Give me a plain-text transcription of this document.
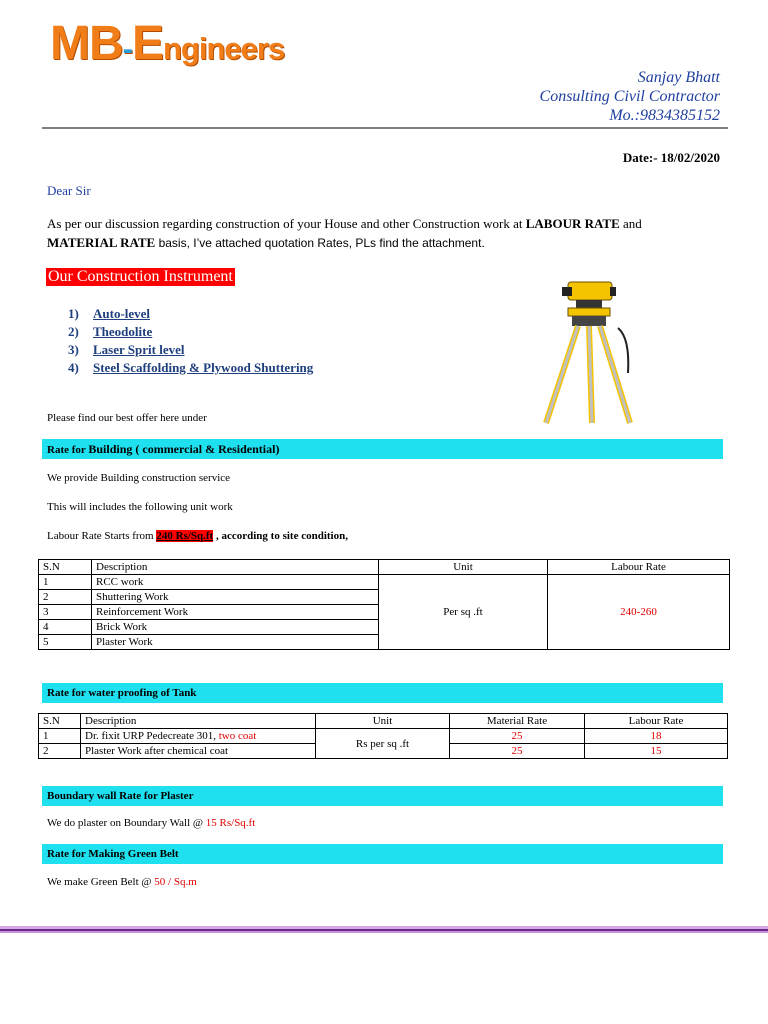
MB-Engineers
Sanjay Bhatt
Consulting Civil Contractor
Mo.:9834385152
Date:- 18/02/2020
Dear Sir
As per our discussion regarding construction of your House and other Construction work at LABOUR RATE and
MATERIAL RATE basis, I’ve attached quotation Rates, PLs find the attachment.
Our Construction Instrument
1) Auto-level
2) Theodolite
3) Laser Sprit level
4) Steel Scaffolding & Plywood Shuttering
Please find our best offer here under
Rate for Building ( commercial & Residential)
We provide Building construction service
This will includes the following unit work
Labour Rate Starts from 240 Rs/Sq.ft , according to site condition,
S.N	Description	Unit	Labour Rate
1	RCC work	Per sq .ft	240-260
2	Shuttering Work		
3	Reinforcement Work		
4	Brick Work		
5	Plaster Work		
Rate for water proofing of Tank
S.N	Description	Unit	Material Rate	Labour Rate
1	Dr. fixit URP Pedecreate 301, two coat	Rs per sq .ft	25	18
2	Plaster Work after chemical coat		25	15
Boundary wall Rate for Plaster
We do plaster on Boundary Wall @ 15 Rs/Sq.ft
Rate for Making Green Belt
We make Green Belt @ 50 / Sq.m
